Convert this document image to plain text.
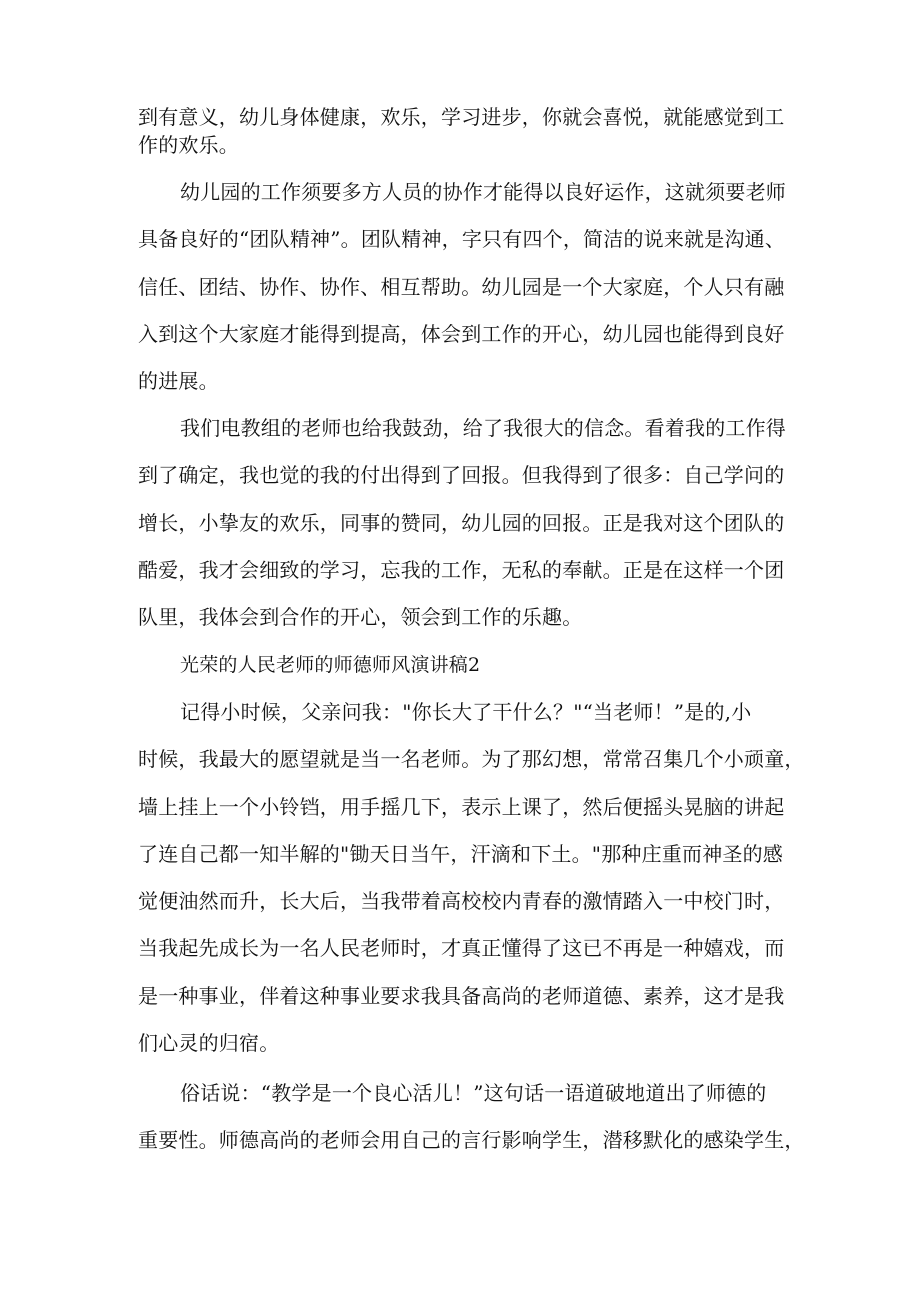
到有意义，幼儿身体健康，欢乐，学习进步，你就会喜悦，就能感觉到工
作的欢乐。
幼儿园的工作须要多方人员的协作才能得以良好运作，这就须要老师
具备良好的“团队精神”。团队精神，字只有四个，简洁的说来就是沟通、
信任、团结、协作、协作、相互帮助。幼儿园是一个大家庭，个人只有融
入到这个大家庭才能得到提高，体会到工作的开心，幼儿园也能得到良好
的进展。
我们电教组的老师也给我鼓劲，给了我很大的信念。看着我的工作得
到了确定，我也觉的我的付出得到了回报。但我得到了很多：自己学问的
增长，小挚友的欢乐，同事的赞同，幼儿园的回报。正是我对这个团队的
酷爱，我才会细致的学习，忘我的工作，无私的奉献。正是在这样一个团
队里，我体会到合作的开心，领会到工作的乐趣。
光荣的人民老师的师德师风演讲稿2
记得小时候，父亲问我："你长大了干什么？"“当老师！”是的,小
时候，我最大的愿望就是当一名老师。为了那幻想，常常召集几个小顽童，
墙上挂上一个小铃铛，用手摇几下，表示上课了，然后便摇头晃脑的讲起
了连自己都一知半解的"锄天日当午，汗滴和下土。"那种庄重而神圣的感
觉便油然而升，长大后，当我带着高校校内青春的激情踏入一中校门时，
当我起先成长为一名人民老师时，才真正懂得了这已不再是一种嬉戏，而
是一种事业，伴着这种事业要求我具备高尚的老师道德、素养，这才是我
们心灵的归宿。
俗话说：“教学是一个良心活儿！”这句话一语道破地道出了师德的
重要性。师德高尚的老师会用自己的言行影响学生，潜移默化的感染学生，
